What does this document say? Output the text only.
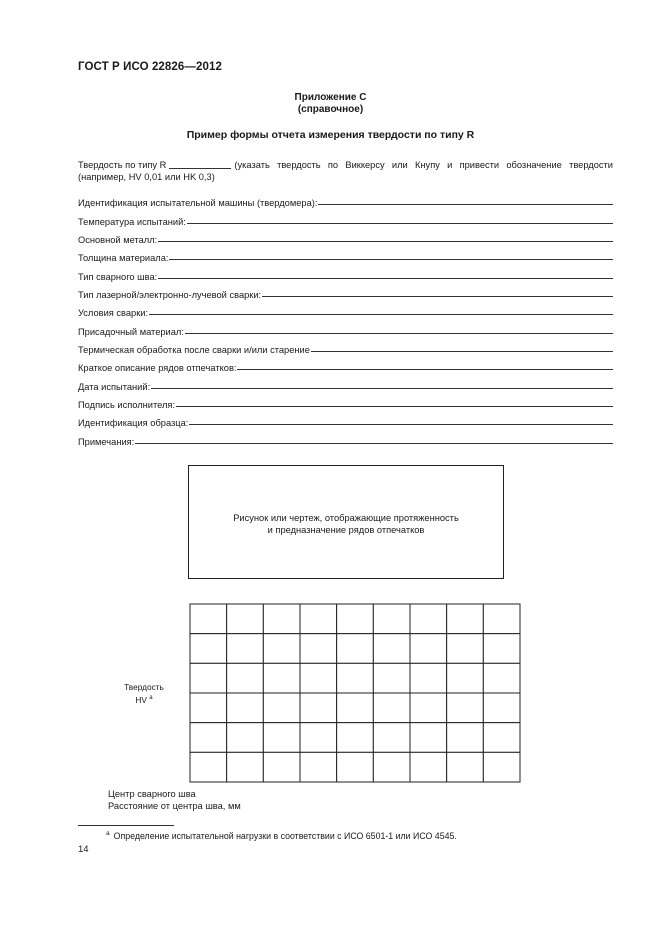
ГОСТ Р ИСО 22826—2012
Приложение С
(справочное)
Пример формы отчета измерения твердости по типу R
Твердость по типу R	(указать твердость по Виккерсу или Кнупу и привести обозначение твердости
(например, HV 0,01 или HK 0,3)
Идентификация испытательной машины (твердомера):
Температура испытаний:
Основной металл:
Толщина материала:
Тип сварного шва:
Тип лазерной/электронно-лучевой сварки:
Условия сварки:
Присадочный материал:
Термическая обработка после сварки и/или старение
Краткое описание рядов отпечатков:
Дата испытаний:
Подпись исполнителя:
Идентификация образца:
Примечания:
Рисунок или чертеж, отображающие протяженность
и предназначение рядов отпечатков
Твердость
HV $^a$
Центр сварного шва
Расстояние от центра шва, мм
$^a$ Определение испытательной нагрузки в соответствии с ИСО 6501-1 или ИСО 4545.
14
